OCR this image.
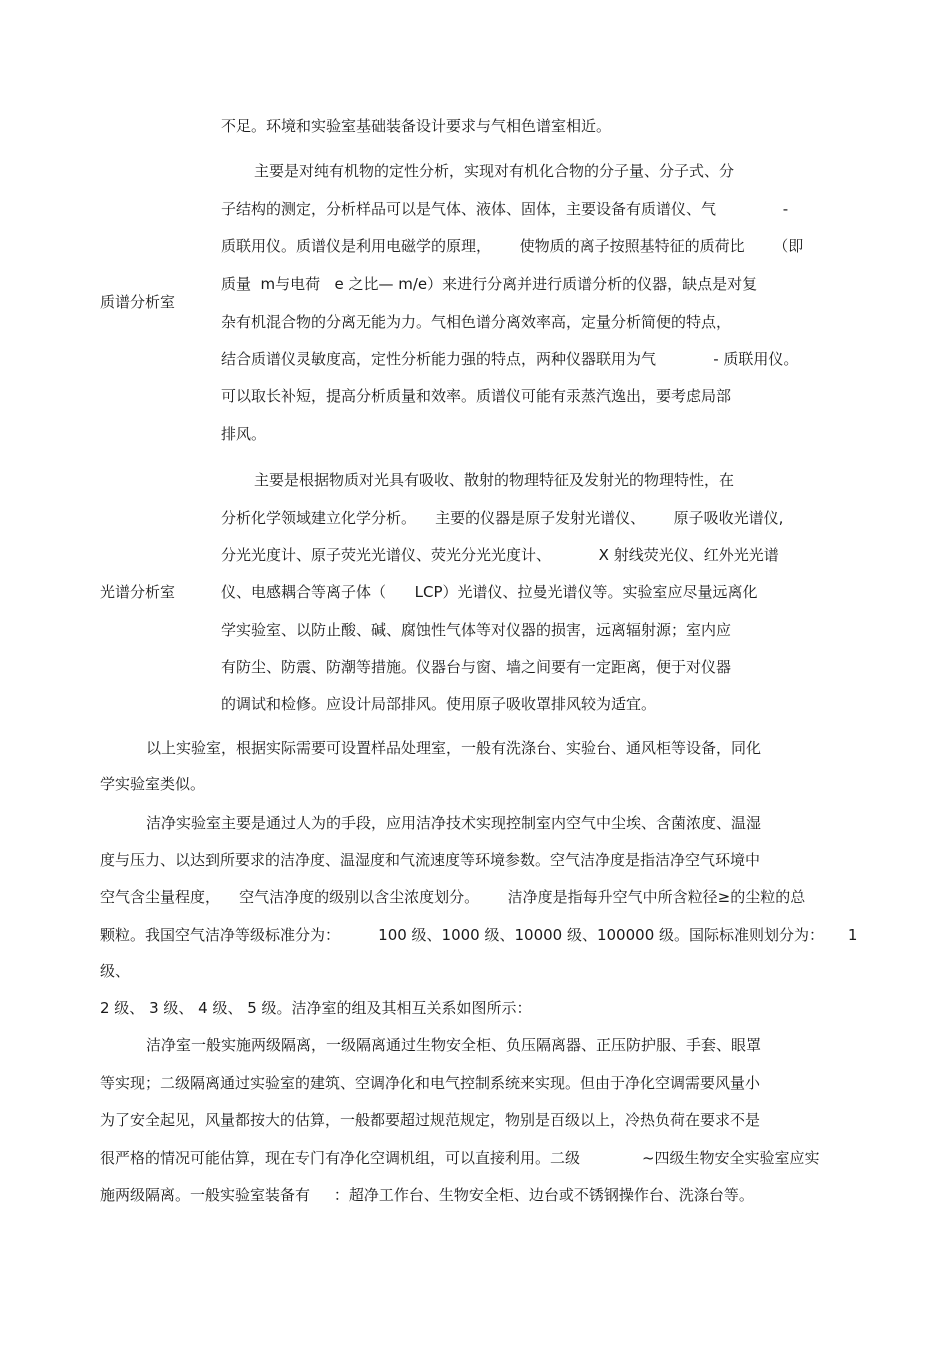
不足。环境和实验室基础装备设计要求与气相色谱室相近。
质谱分析室
主要是对纯有机物的定性分析，实现对有机化合物的分子量、分子式、分
子结构的测定，分析样品可以是气体、液体、固体，主要设备有质谱仪、气              -
质联用仪。质谱仪是利用电磁学的原理，      使物质的离子按照基特征的质荷比      （即
质量  m与电荷   e 之比— m/e）来进行分离并进行质谱分析的仪器，缺点是对复
杂有机混合物的分离无能为力。气相色谱分离效率高，定量分析简便的特点，
结合质谱仪灵敏度高，定性分析能力强的特点，两种仪器联用为气            - 质联用仪。
可以取长补短，提高分析质量和效率。质谱仪可能有汞蒸汽逸出，要考虑局部
排风。
光谱分析室
主要是根据物质对光具有吸收、散射的物理特征及发射光的物理特性，在
分析化学领域建立化学分析。    主要的仪器是原子发射光谱仪、      原子吸收光谱仪,
分光光度计、原子荧光光谱仪、荧光分光光度计、          X 射线荧光仪、红外光光谱
仪、电感耦合等离子体（      LCP）光谱仪、拉曼光谱仪等。实验室应尽量远离化
学实验室、以防止酸、碱、腐蚀性气体等对仪器的损害，远离辐射源；室内应
有防尘、防震、防潮等措施。仪器台与窗、墙之间要有一定距离，便于对仪器
的调试和检修。应设计局部排风。使用原子吸收罩排风较为适宜。
以上实验室，根据实际需要可设置样品处理室，一般有洗涤台、实验台、通风柜等设备，同化
学实验室类似。
洁净实验室主要是通过人为的手段，应用洁净技术实现控制室内空气中尘埃、含菌浓度、温湿
度与压力、以达到所要求的洁净度、温湿度和气流速度等环境参数。空气洁净度是指洁净空气环境中
空气含尘量程度，    空气洁净度的级别以含尘浓度划分。      洁净度是指每升空气中所含粒径≥的尘粒的总
颗粒。我国空气洁净等级标准分为：        100 级、1000 级、10000 级、100000 级。国际标准则划分为：     1
级、
2 级、 3 级、 4 级、 5 级。洁净室的组及其相互关系如图所示：
洁净室一般实施两级隔离，一级隔离通过生物安全柜、负压隔离器、正压防护服、手套、眼罩
等实现；二级隔离通过实验室的建筑、空调净化和电气控制系统来实现。但由于净化空调需要风量小
为了安全起见，风量都按大的估算，一般都要超过规范规定，物别是百级以上，冷热负荷在要求不是
很严格的情况可能估算，现在专门有净化空调机组，可以直接利用。二级             ~四级生物安全实验室应实
施两级隔离。一般实验室装备有     ：超净工作台、生物安全柜、边台或不锈钢操作台、洗涤台等。
